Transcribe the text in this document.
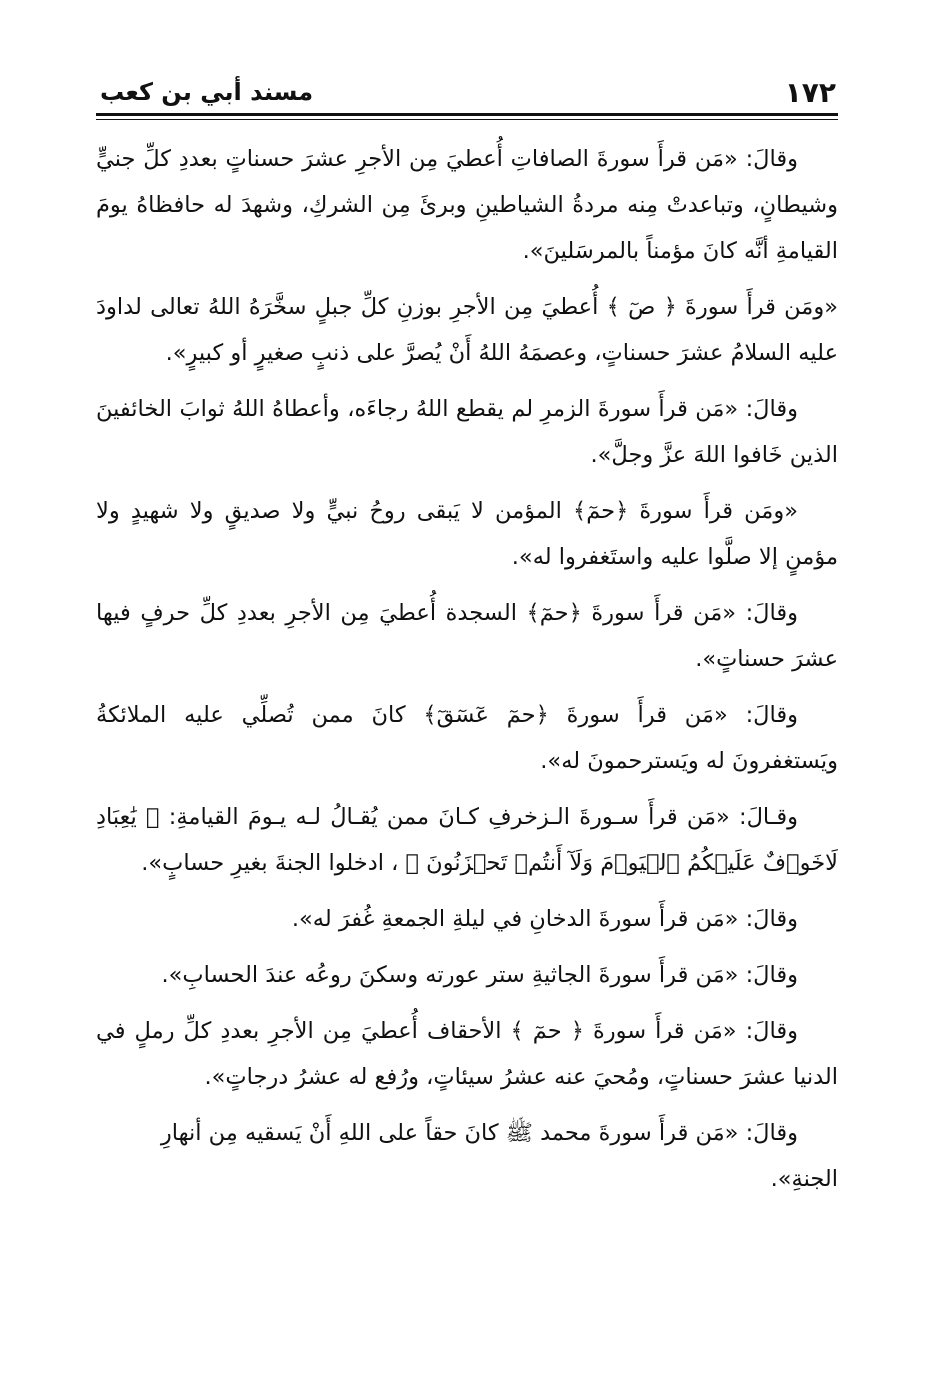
١٧٢
مسند أبي بن كعب

وقالَ: «مَن قرأَ سورةَ الصافاتِ أُعطيَ مِن الأجرِ عشرَ حسناتٍ بعددِ كلِّ جنيٍّ وشيطانٍ، وتباعدتْ مِنه مردةُ الشياطينِ وبرئَ مِن الشركِ، وشهدَ له حافظاهُ يومَ القيامةِ أنَّه كانَ مؤمناً بالمرسَلينَ».

«ومَن قرأَ سورةَ ﴿ صٓ ﴾ أُعطيَ مِن الأجرِ بوزنِ كلِّ جبلٍ سخَّرَهُ اللهُ تعالى لداودَ عليه السلامُ عشرَ حسناتٍ، وعصمَهُ اللهُ أَنْ يُصرَّ على ذنبٍ صغيرٍ أو كبيرٍ».

وقالَ: «مَن قرأَ سورةَ الزمرِ لم يقطع اللهُ رجاءَه، وأعطاهُ اللهُ ثوابَ الخائفينَ الذين خَافوا اللهَ عزَّ وجلَّ».

«ومَن قرأَ سورةَ ﴿حمٓ﴾ المؤمن لا يَبقى روحُ نبيٍّ ولا صديقٍ ولا شهيدٍ ولا مؤمنٍ إلا صلَّوا عليه واستَغفروا له».

وقالَ: «مَن قرأَ سورةَ ﴿حمٓ﴾ السجدة أُعطيَ مِن الأجرِ بعددِ كلِّ حرفٍ فيها عشرَ حسناتٍ».

وقالَ: «مَن قرأَ سورةَ ﴿حمٓ عٓسٓقٓ﴾ كانَ ممن تُصلِّي عليه الملائكةُ ويَستغفرونَ له ويَسترحمونَ له».

وقـالَ: «مَن قرأَ سـورةَ الـزخرفِ كـانَ ممن يُقـالُ لـه يـومَ القيامةِ: ﴿ يَٰعِبَادِ لَاخَوۡفٌ عَلَيۡكُمُ ٱلۡيَوۡمَ وَلَآ أَنتُمۡ تَحۡزَنُونَ ﴾ ، ادخلوا الجنةَ بغيرِ حسابٍ».

وقالَ: «مَن قرأَ سورةَ الدخانِ في ليلةِ الجمعةِ غُفرَ له».

وقالَ: «مَن قرأَ سورةَ الجاثيةِ ستر عورته وسكنَ روعُه عندَ الحسابِ».

وقالَ: «مَن قرأَ سورةَ ﴿ حمٓ ﴾ الأحقاف أُعطيَ مِن الأجرِ بعددِ كلِّ رملٍ في الدنيا عشرَ حسناتٍ، ومُحيَ عنه عشرُ سيئاتٍ، ورُفع له عشرُ درجاتٍ».

وقالَ: «مَن قرأَ سورةَ محمد ﷺ كانَ حقاً على اللهِ أَنْ يَسقيه مِن أنهارِ الجنةِ».
